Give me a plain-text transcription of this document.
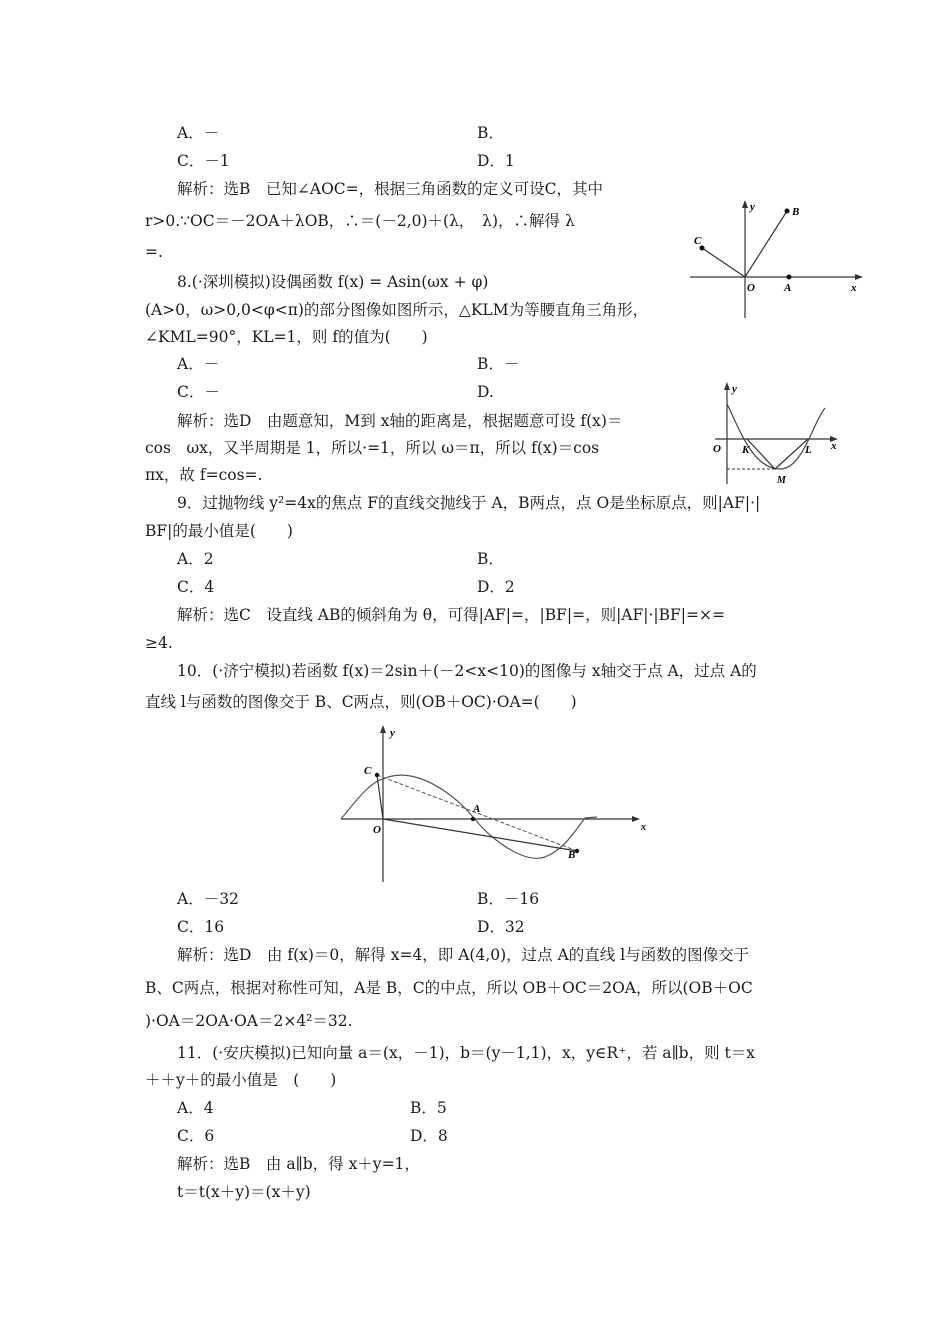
A．－	B．
C．－1	D．1
解析：选B　已知∠AOC=，根据三角函数的定义可设C，其中
r>0.∵OC＝－2OA＋λOB，∴＝(－2,0)＋(λ，　λ)，∴解得 λ
=.
y	B
C
O	A	x
8.(·深圳模拟)设偶函数 f(x) = Asin(ωx + φ)
(A>0，ω>0,0<φ<π)的部分图像如图所示，△KLM为等腰直角三角形，
∠KML=90°，KL=1，则 f的值为(　　)
A．－	B．－
C．－	D.
解析：选D　由题意知，M到 x轴的距离是，根据题意可设 f(x)＝
cos　ωx，又半周期是 1，所以·=1，所以 ω＝π，所以 f(x)＝cos
πx，故 f=cos=.
y
O K	L
M
x
9．过抛物线 y²=4x的焦点 F的直线交抛线于 A，B两点，点 O是坐标原点，则|AF|·|
BF|的最小值是(　　)
A．2	B．
C．4	D．2
解析：选C　设直线 AB的倾斜角为 θ，可得|AF|=，|BF|=，则|AF|·|BF|=×=
≥4.
10．(·济宁模拟)若函数 f(x)＝2sin＋(－2<x<10)的图像与 x轴交于点 A，过点 A的
直线 l与函数的图像交于 B、C两点，则(OB＋OC)·OA=(　　)
y
C
A
O
B
x
A．－32	B．－16
C．16	D．32
解析：选D　由 f(x)＝0，解得 x=4，即 A(4,0)，过点 A的直线 l与函数的图像交于
B、C两点，根据对称性可知，A是 B，C的中点，所以 OB＋OC＝2OA，所以(OB＋OC
)·OA＝2OA·OA＝2×4²＝32.
11．(·安庆模拟)已知向量 a＝(x，－1)，b＝(y－1,1)，x，y∈R⁺，若 a∥b，则 t＝x
＋＋y＋的最小值是　(　　)
A．4	B．5
C．6	D．8
解析：选B　由 a∥b，得 x＋y=1，
t＝t(x＋y)＝(x＋y)
